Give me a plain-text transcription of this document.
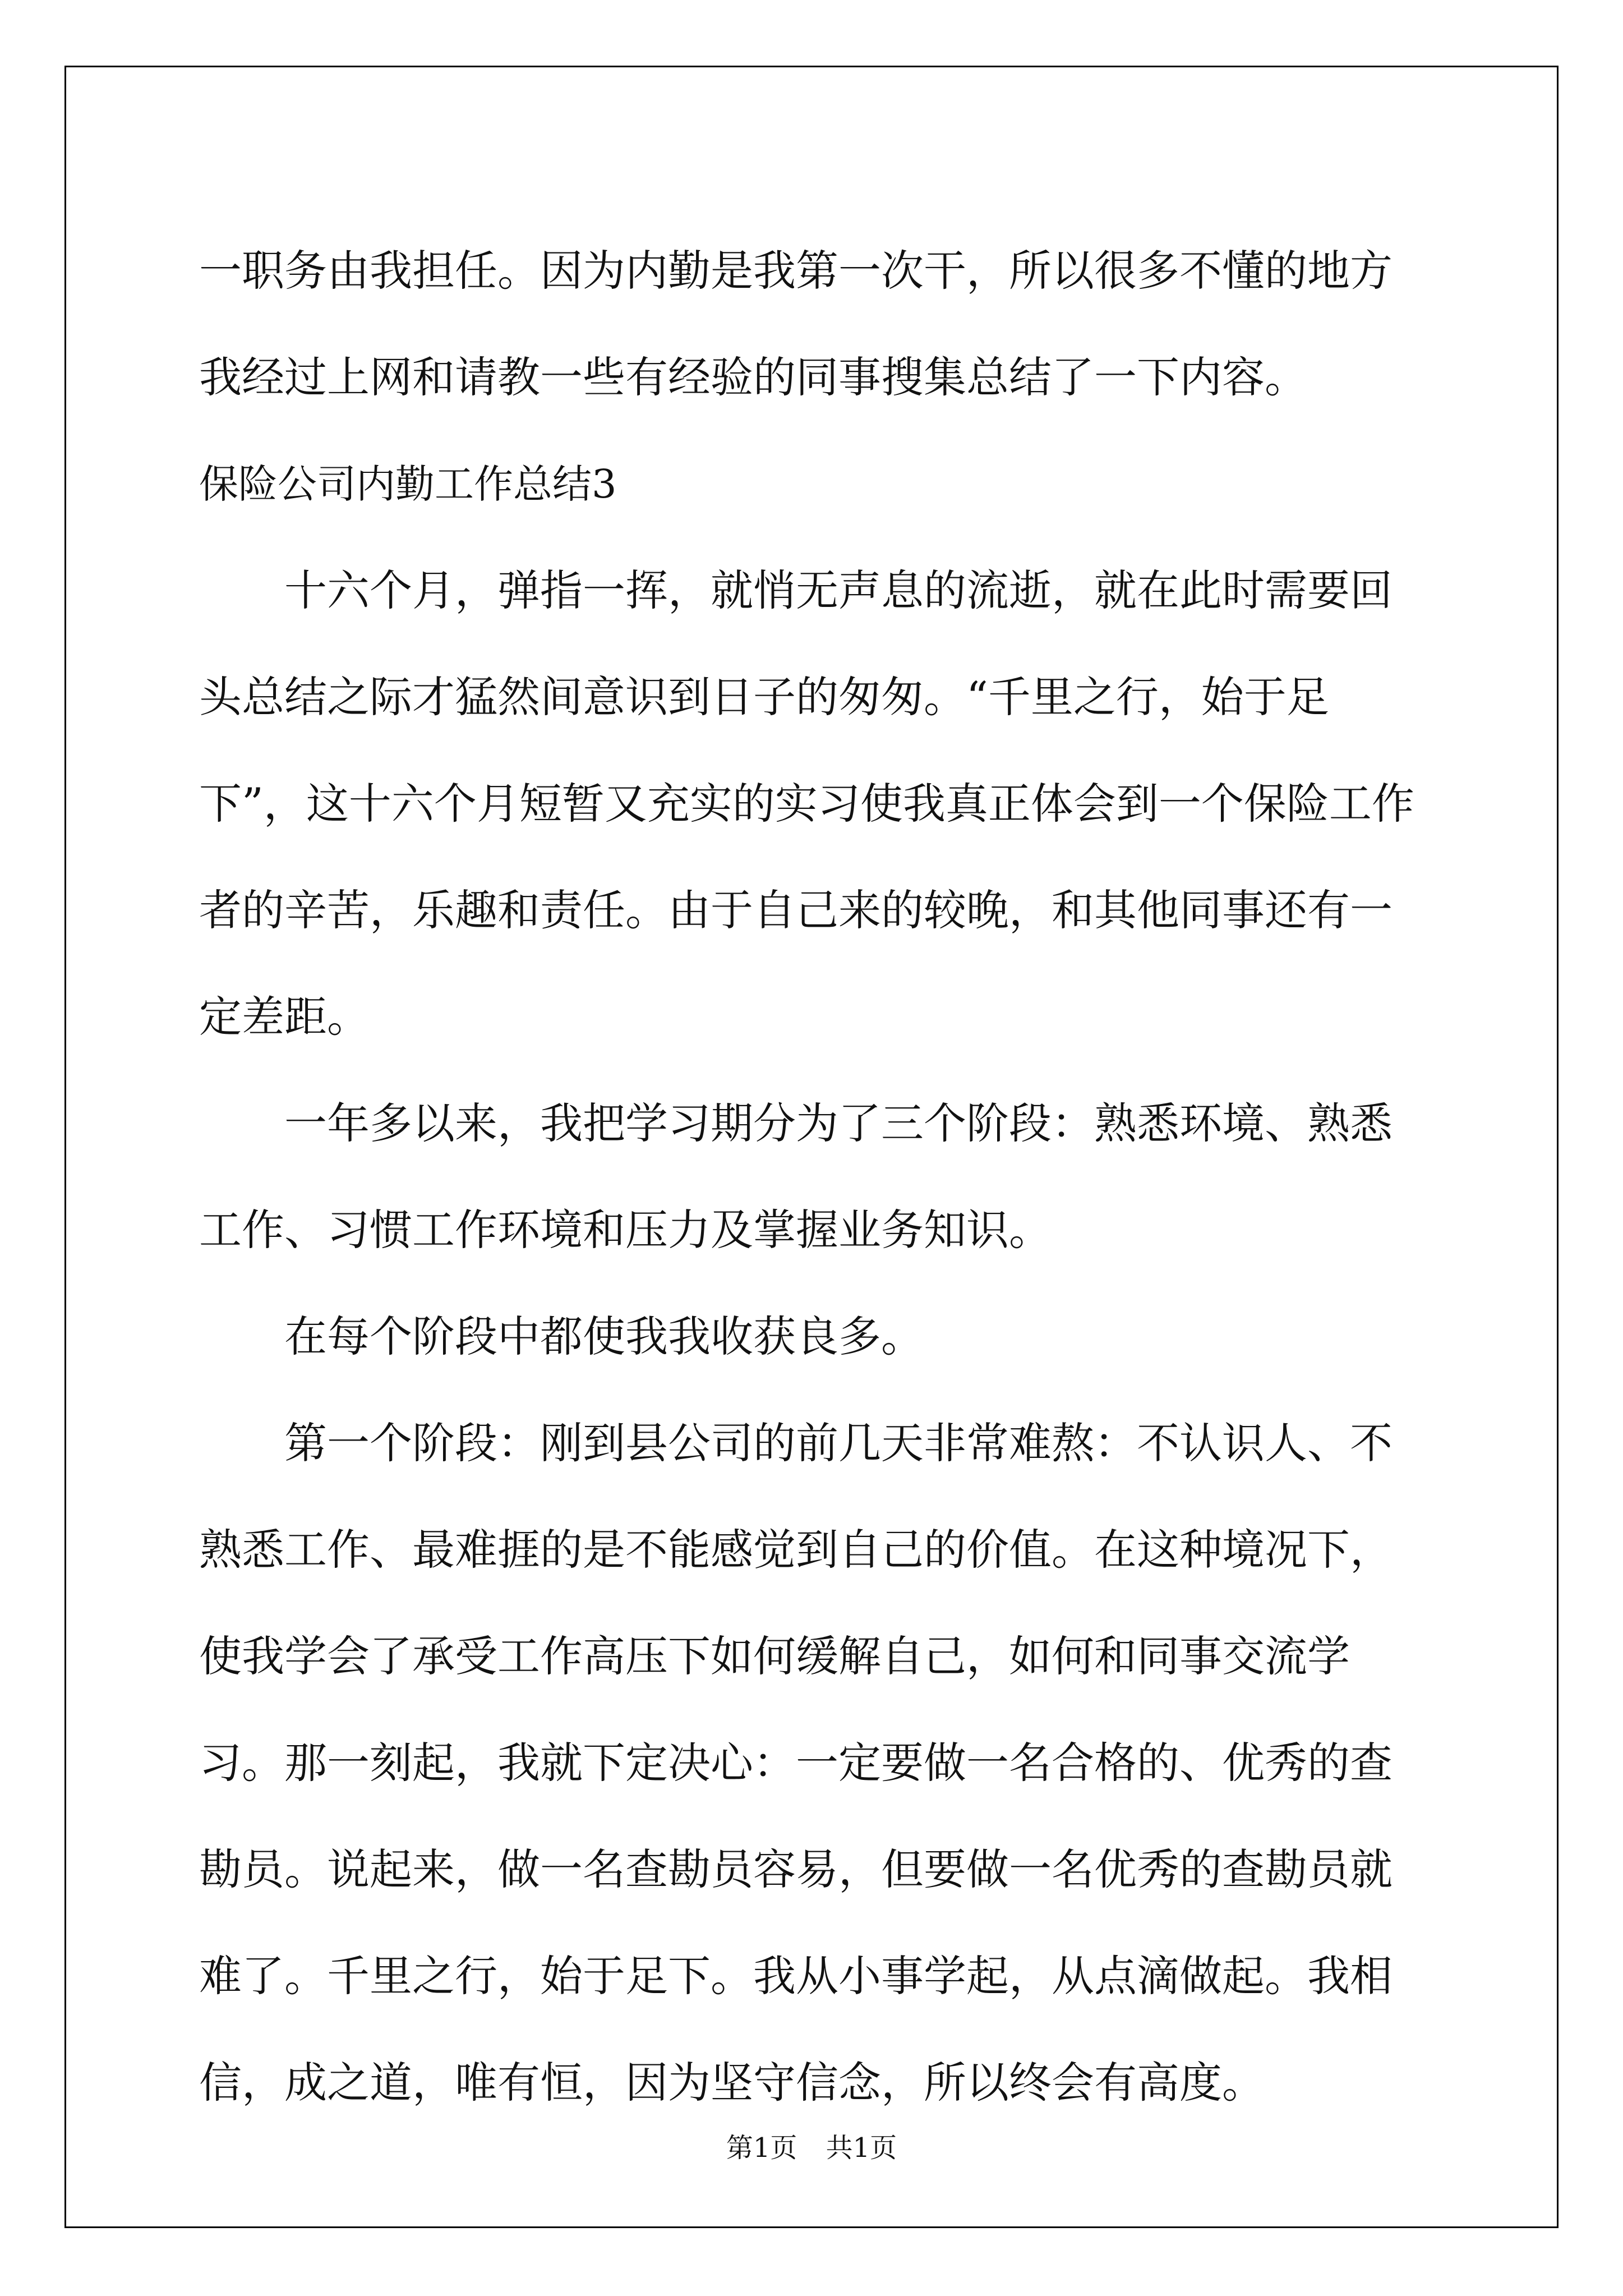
一职务由我担任。因为内勤是我第一次干，所以很多不懂的地方我经过上网和请教一些有经验的同事搜集总结了一下内容。

保险公司内勤工作总结3

十六个月，弹指一挥，就悄无声息的流逝，就在此时需要回头总结之际才猛然间意识到日子的匆匆。“千里之行，始于足下”，这十六个月短暂又充实的实习使我真正体会到一个保险工作者的辛苦，乐趣和责任。由于自己来的较晚，和其他同事还有一定差距。

一年多以来，我把学习期分为了三个阶段：熟悉环境、熟悉工作、习惯工作环境和压力及掌握业务知识。

在每个阶段中都使我我收获良多。

第一个阶段：刚到县公司的前几天非常难熬：不认识人、不熟悉工作、最难捱的是不能感觉到自己的价值。在这种境况下，使我学会了承受工作高压下如何缓解自己，如何和同事交流学习。那一刻起，我就下定决心：一定要做一名合格的、优秀的查勘员。说起来，做一名查勘员容易，但要做一名优秀的查勘员就难了。千里之行，始于足下。我从小事学起，从点滴做起。我相信，成之道，唯有恒，因为坚守信念，所以终会有高度。

第1页 共1页
